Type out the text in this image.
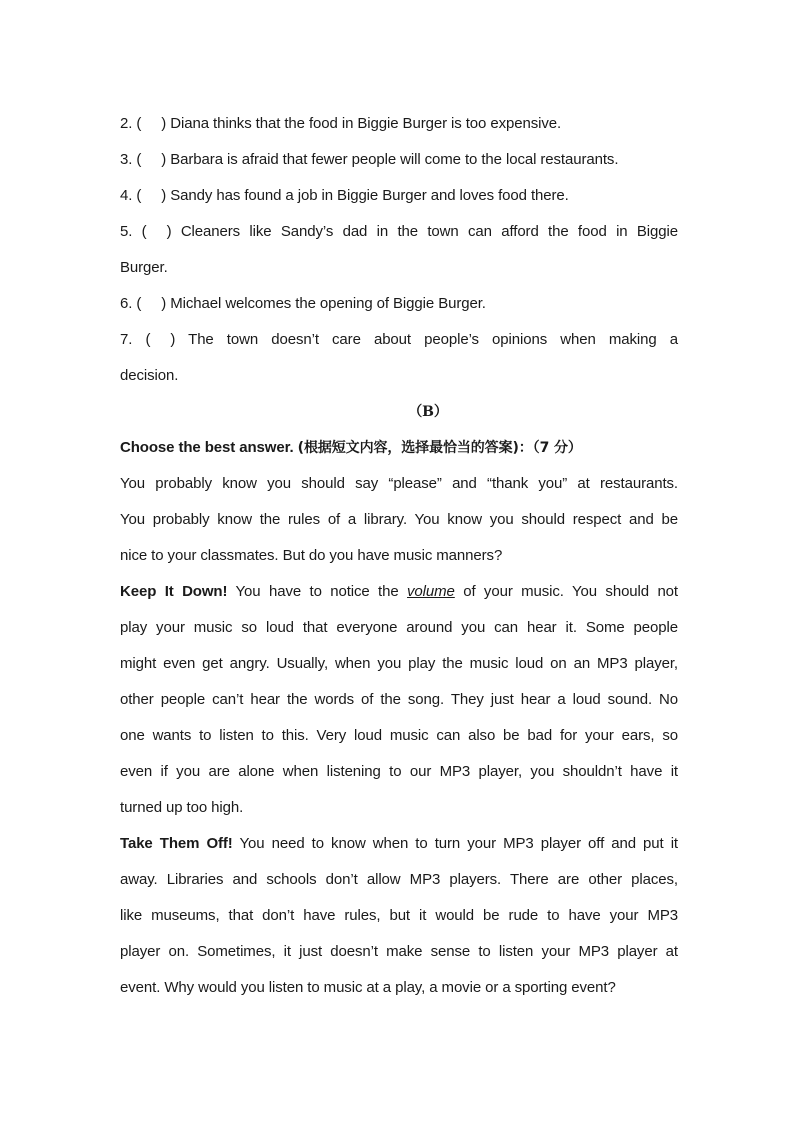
2. ( ) Diana thinks that the food in Biggie Burger is too expensive.
3. ( ) Barbara is afraid that fewer people will come to the local restaurants.
4. ( ) Sandy has found a job in Biggie Burger and loves food there.
5. ( ) Cleaners like Sandy’s dad in the town can afford the food in Biggie
Burger.
6. ( ) Michael welcomes the opening of Biggie Burger.
7. ( ) The town doesn’t care about people’s opinions when making a
decision.
（B）
Choose the best answer. (根据短文内容，选择最恰当的答案)：（7 分）
You probably know you should say “please” and “thank you” at restaurants.
You probably know the rules of a library. You know you should respect and be
nice to your classmates. But do you have music manners?
Keep It Down! You have to notice the volume of your music. You should not
play your music so loud that everyone around you can hear it. Some people
might even get angry. Usually, when you play the music loud on an MP3 player,
other people can’t hear the words of the song. They just hear a loud sound. No
one wants to listen to this. Very loud music can also be bad for your ears, so
even if you are alone when listening to our MP3 player, you shouldn’t have it
turned up too high.
Take Them Off! You need to know when to turn your MP3 player off and put it
away. Libraries and schools don’t allow MP3 players. There are other places,
like museums, that don’t have rules, but it would be rude to have your MP3
player on. Sometimes, it just doesn’t make sense to listen your MP3 player at
event. Why would you listen to music at a play, a movie or a sporting event?
